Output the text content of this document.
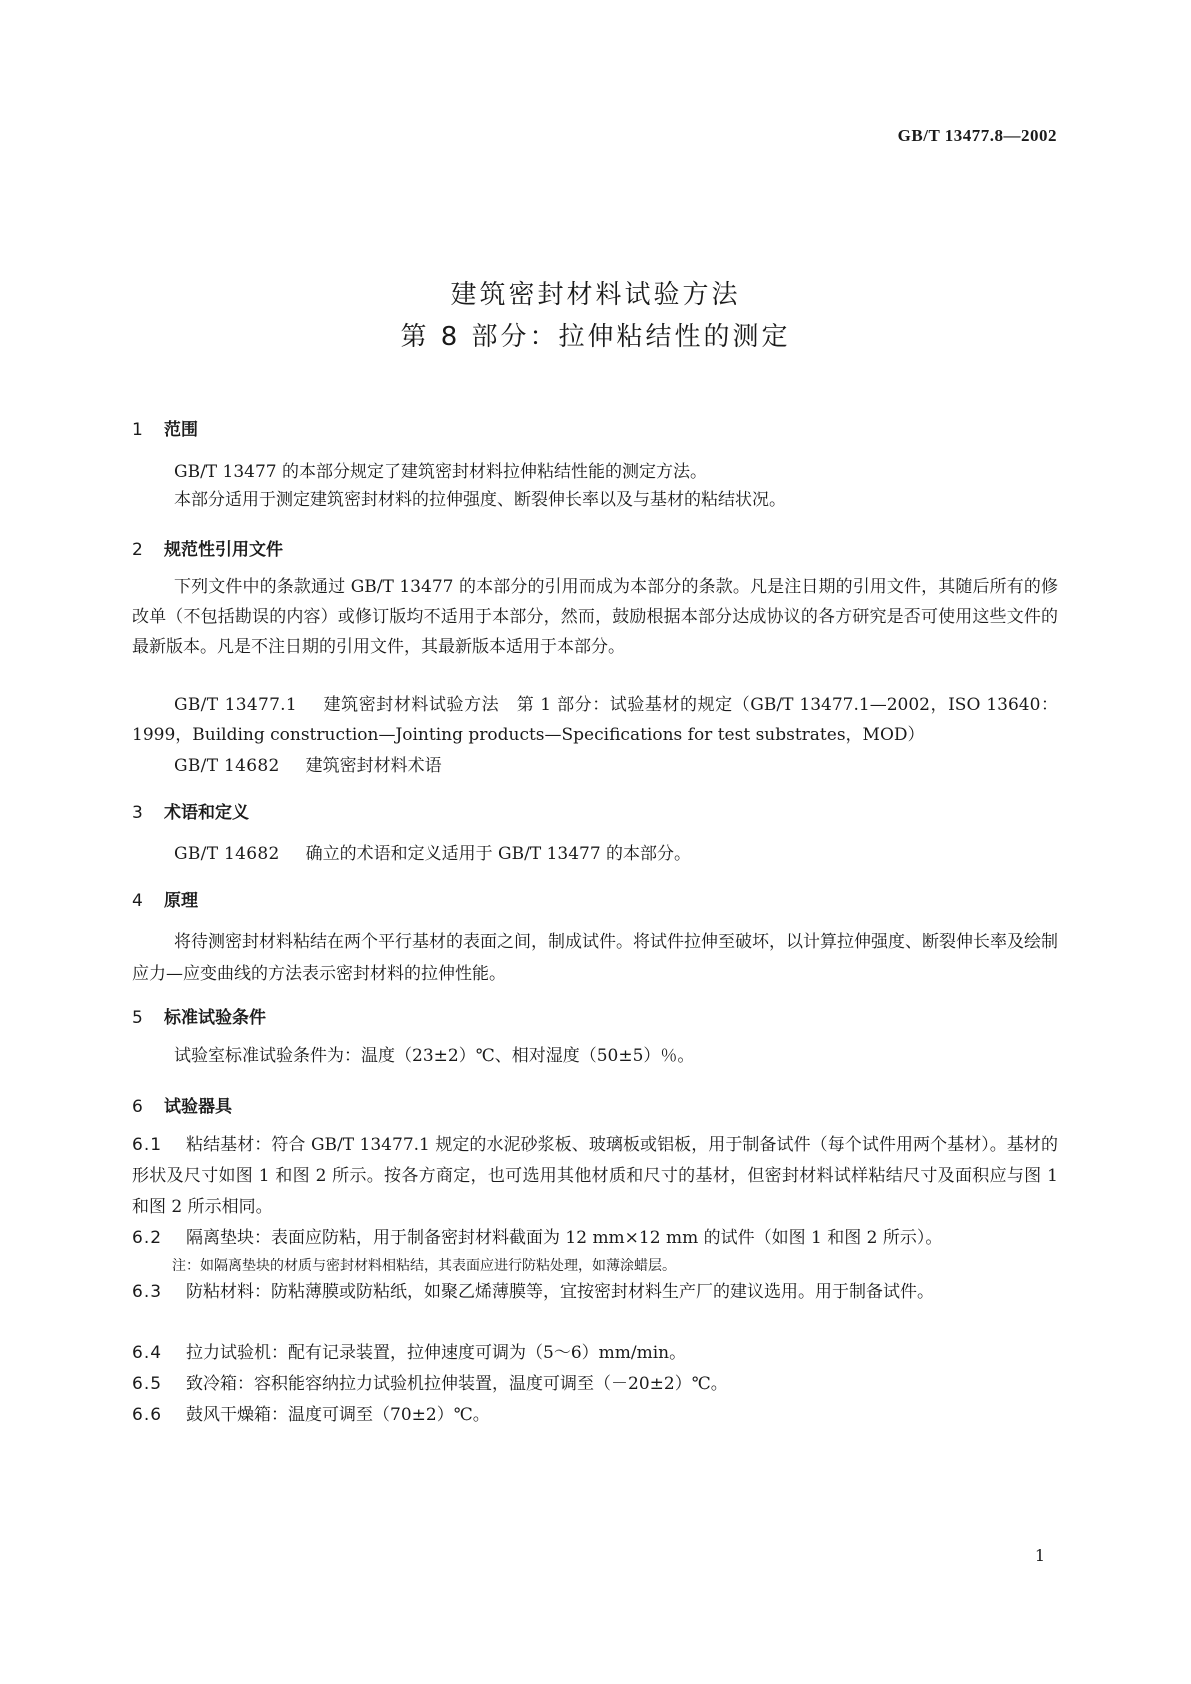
GB/T 13477.8—2002
建筑密封材料试验方法
第 8 部分：拉伸粘结性的测定
1 范围
GB/T 13477 的本部分规定了建筑密封材料拉伸粘结性能的测定方法。
本部分适用于测定建筑密封材料的拉伸强度、断裂伸长率以及与基材的粘结状况。
2 规范性引用文件
下列文件中的条款通过 GB/T 13477 的本部分的引用而成为本部分的条款。凡是注日期的引用文件，其随后所有的修改单（不包括勘误的内容）或修订版均不适用于本部分，然而，鼓励根据本部分达成协议的各方研究是否可使用这些文件的最新版本。凡是不注日期的引用文件，其最新版本适用于本部分。
GB/T 13477.1 建筑密封材料试验方法　第 1 部分：试验基材的规定（GB/T 13477.1—2002，ISO 13640：1999，Building construction—Jointing products—Specifications for test substrates，MOD）
GB/T 14682 建筑密封材料术语
3 术语和定义
GB/T 14682 确立的术语和定义适用于 GB/T 13477 的本部分。
4 原理
将待测密封材料粘结在两个平行基材的表面之间，制成试件。将试件拉伸至破坏，以计算拉伸强度、断裂伸长率及绘制应力—应变曲线的方法表示密封材料的拉伸性能。
5 标准试验条件
试验室标准试验条件为：温度（23±2）℃、相对湿度（50±5）％。
6 试验器具
6.1 粘结基材：符合 GB/T 13477.1 规定的水泥砂浆板、玻璃板或铝板，用于制备试件（每个试件用两个基材）。基材的形状及尺寸如图 1 和图 2 所示。按各方商定，也可选用其他材质和尺寸的基材，但密封材料试样粘结尺寸及面积应与图 1 和图 2 所示相同。
6.2 隔离垫块：表面应防粘，用于制备密封材料截面为 12 mm×12 mm 的试件（如图 1 和图 2 所示）。
注：如隔离垫块的材质与密封材料相粘结，其表面应进行防粘处理，如薄涂蜡层。
6.3 防粘材料：防粘薄膜或防粘纸，如聚乙烯薄膜等，宜按密封材料生产厂的建议选用。用于制备试件。
6.4 拉力试验机：配有记录装置，拉伸速度可调为（5～6）mm/min。
6.5 致冷箱：容积能容纳拉力试验机拉伸装置，温度可调至（－20±2）℃。
6.6 鼓风干燥箱：温度可调至（70±2）℃。
1
